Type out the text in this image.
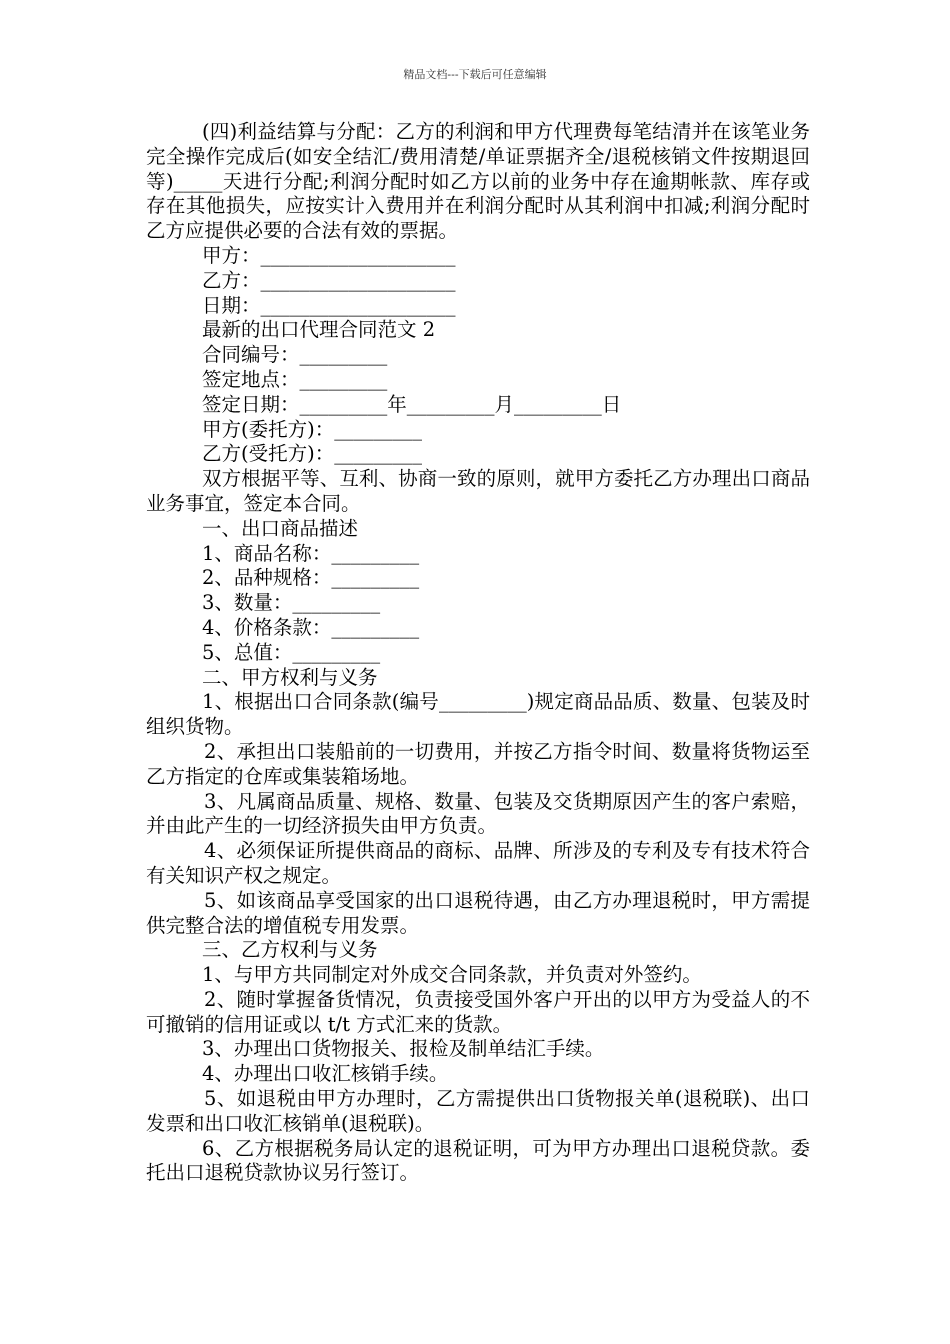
精品文档---下载后可任意编辑

(四)利益结算与分配：乙方的利润和甲方代理费每笔结清并在该笔业务完全操作完成后(如安全结汇/费用清楚/单证票据齐全/退税核销文件按期退回等)_____天进行分配;利润分配时如乙方以前的业务中存在逾期帐款、库存或存在其他损失，应按实计入费用并在利润分配时从其利润中扣减;利润分配时乙方应提供必要的合法有效的票据。

甲方：____________________

乙方：____________________

日期：____________________

最新的出口代理合同范文 2

合同编号：_________

签定地点：_________

签定日期：_________年_________月_________日

甲方(委托方)：_________

乙方(受托方)：_________

双方根据平等、互利、协商一致的原则，就甲方委托乙方办理出口商品业务事宜，签定本合同。

一、出口商品描述

1、商品名称：_________

2、品种规格：_________

3、数量：_________

4、价格条款：_________

5、总值：_________

二、甲方权利与义务

1、根据出口合同条款(编号_________)规定商品品质、数量、包装及时组织货物。

2、承担出口装船前的一切费用，并按乙方指令时间、数量将货物运至乙方指定的仓库或集装箱场地。

3、凡属商品质量、规格、数量、包装及交货期原因产生的客户索赔，并由此产生的一切经济损失由甲方负责。

4、必须保证所提供商品的商标、品牌、所涉及的专利及专有技术符合有关知识产权之规定。

5、如该商品享受国家的出口退税待遇，由乙方办理退税时，甲方需提供完整合法的增值税专用发票。

三、乙方权利与义务

1、与甲方共同制定对外成交合同条款，并负责对外签约。

2、随时掌握备货情况，负责接受国外客户开出的以甲方为受益人的不可撤销的信用证或以 t/t 方式汇来的货款。

3、办理出口货物报关、报检及制单结汇手续。

4、办理出口收汇核销手续。

5、如退税由甲方办理时，乙方需提供出口货物报关单(退税联)、出口发票和出口收汇核销单(退税联)。

6、乙方根据税务局认定的退税证明，可为甲方办理出口退税贷款。委托出口退税贷款协议另行签订。
